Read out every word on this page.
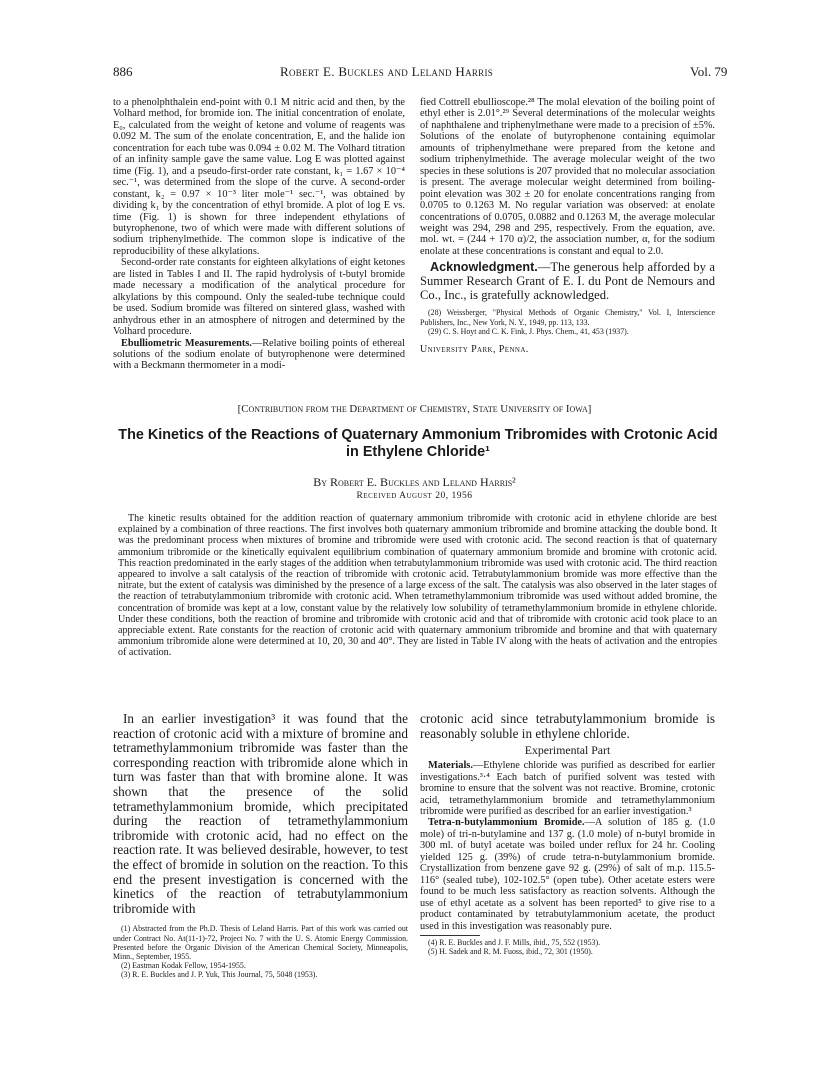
886	Robert E. Buckles and Leland Harris	Vol. 79

to a phenolphthalein end-point with 0.1 M nitric acid and then, by the Volhard method, for bromide ion. The initial concentration of enolate, E₀, calculated from the weight of ketone and volume of reagents was 0.092 M. The sum of the enolate concentration, E, and the halide ion concentration for each tube was 0.094 ± 0.02 M. The Volhard titration of an infinity sample gave the same value. Log E was plotted against time (Fig. 1), and a pseudo-first-order rate constant, k₁ = 1.67 × 10⁻⁴ sec.⁻¹, was determined from the slope of the curve. A second-order constant, k₂ = 0.97 × 10⁻³ liter mole⁻¹ sec.⁻¹, was obtained by dividing k₁ by the concentration of ethyl bromide. A plot of log E vs. time (Fig. 1) is shown for three independent ethylations of butyrophenone, two of which were made with different solutions of sodium triphenylmethide. The common slope is indicative of the reproducibility of these alkylations.

Second-order rate constants for eighteen alkylations of eight ketones are listed in Tables I and II. The rapid hydrolysis of t-butyl bromide made necessary a modification of the analytical procedure for alkylations by this compound. Only the sealed-tube technique could be used. Sodium bromide was filtered on sintered glass, washed with anhydrous ether in an atmosphere of nitrogen and determined by the Volhard procedure.

Ebulliometric Measurements.—Relative boiling points of ethereal solutions of the sodium enolate of butyrophenone were determined with a Beckmann thermometer in a modi-

fied Cottrell ebullioscope.²⁸ The molal elevation of the boiling point of ethyl ether is 2.01°.²⁹ Several determinations of the molecular weights of naphthalene and triphenylmethane were made to a precision of ±5%. Solutions of the enolate of butyrophenone containing equimolar amounts of triphenylmethane were prepared from the ketone and sodium triphenylmethide. The average molecular weight of the two species in these solutions is 207 provided that no molecular association is present. The average molecular weight determined from boiling-point elevation was 302 ± 20 for enolate concentrations ranging from 0.0705 to 0.1263 M. No regular variation was observed: at enolate concentrations of 0.0705, 0.0882 and 0.1263 M, the average molecular weight was 294, 298 and 295, respectively. From the equation, ave. mol. wt. = (244 + 170 α)/2, the association number, α, for the sodium enolate at these concentrations is constant and equal to 2.0.

Acknowledgment.—The generous help afforded by a Summer Research Grant of E. I. du Pont de Nemours and Co., Inc., is gratefully acknowledged.

(28) Weissberger, "Physical Methods of Organic Chemistry," Vol. I, Interscience Publishers, Inc., New York, N. Y., 1949, pp. 113, 133.

(29) C. S. Hoyt and C. K. Fink, J. Phys. Chem., 41, 453 (1937).

University Park, Penna.
[Contribution from the Department of Chemistry, State University of Iowa]
The Kinetics of the Reactions of Quaternary Ammonium Tribromides with Crotonic Acid in Ethylene Chloride¹
By Robert E. Buckles and Leland Harris²
Received August 20, 1956

The kinetic results obtained for the addition reaction of quaternary ammonium tribromide with crotonic acid in ethylene chloride are best explained by a combination of three reactions. The first involves both quaternary ammonium tribromide and bromine attacking the double bond. It was the predominant process when mixtures of bromine and tribromide were used with crotonic acid. The second reaction is that of quaternary ammonium tribromide or the kinetically equivalent equilibrium combination of quaternary ammonium bromide and bromine with crotonic acid. This reaction predominated in the early stages of the addition when tetrabutylammonium tribromide was used with crotonic acid. The third reaction appeared to involve a salt catalysis of the reaction of tribromide with crotonic acid. Tetrabutylammonium bromide was more effective than the nitrate, but the extent of catalysis was diminished by the presence of a large excess of the salt. The catalysis was also observed in the later stages of the reaction of tetrabutylammonium tribromide with crotonic acid. When tetramethylammonium tribromide was used without added bromine, the concentration of bromide was kept at a low, constant value by the relatively low solubility of tetramethylammonium bromide in ethylene chloride. Under these conditions, both the reaction of bromine and tribromide with crotonic acid and that of tribromide with crotonic acid took place to an appreciable extent. Rate constants for the reaction of crotonic acid with quaternary ammonium tribromide and bromine and that with quaternary ammonium tribromide alone were determined at 10, 20, 30 and 40°. They are listed in Table IV along with the heats of activation and the entropies of activation.

In an earlier investigation³ it was found that the reaction of crotonic acid with a mixture of bromine and tetramethylammonium tribromide was faster than the corresponding reaction with tribromide alone which in turn was faster than that with bromine alone. It was shown that the presence of the solid tetramethylammonium bromide, which precipitated during the reaction of tetramethylammonium tribromide with crotonic acid, had no effect on the reaction rate. It was believed desirable, however, to test the effect of bromide in solution on the reaction. To this end the present investigation is concerned with the kinetics of the reaction of tetrabutylammonium tribromide with

(1) Abstracted from the Ph.D. Thesis of Leland Harris. Part of this work was carried out under Contract No. At(11-1)-72, Project No. 7 with the U. S. Atomic Energy Commission. Presented before the Organic Division of the American Chemical Society, Minneapolis, Minn., September, 1955.

(2) Eastman Kodak Fellow, 1954-1955.

(3) R. E. Buckles and J. P. Yuk, This Journal, 75, 5048 (1953).

crotonic acid since tetrabutylammonium bromide is reasonably soluble in ethylene chloride.

Experimental Part

Materials.—Ethylene chloride was purified as described for earlier investigations.³·⁴ Each batch of purified solvent was tested with bromine to ensure that the solvent was not reactive. Bromine, crotonic acid, tetramethylammonium bromide and tetramethylammonium tribromide were purified as described for an earlier investigation.³

Tetra-n-butylammonium Bromide.—A solution of 185 g. (1.0 mole) of tri-n-butylamine and 137 g. (1.0 mole) of n-butyl bromide in 300 ml. of butyl acetate was boiled under reflux for 24 hr. Cooling yielded 125 g. (39%) of crude tetra-n-butylammonium bromide. Crystallization from benzene gave 92 g. (29%) of salt of m.p. 115.5-116° (sealed tube), 102-102.5° (open tube). Other acetate esters were found to be much less satisfactory as reaction solvents. Although the use of ethyl acetate as a solvent has been reported⁵ to give rise to a product contaminated by tetrabutylammonium acetate, the product used in this investigation was reasonably pure.

(4) R. E. Buckles and J. F. Mills, ibid., 75, 552 (1953).

(5) H. Sadek and R. M. Fuoss, ibid., 72, 301 (1950).
